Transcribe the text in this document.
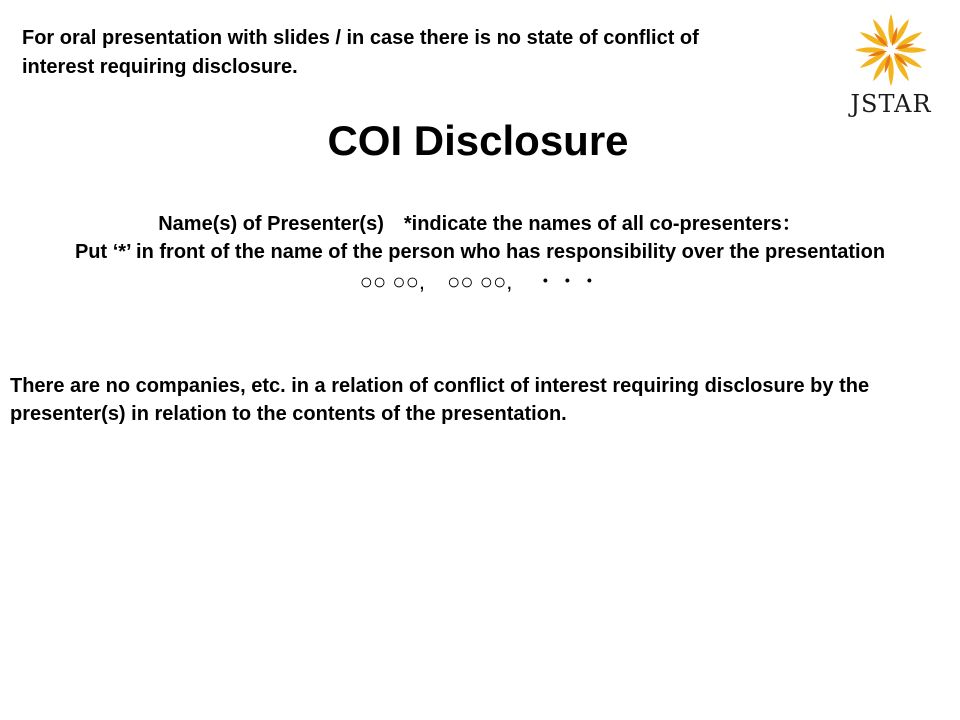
For oral presentation with slides / in case there is no state of conflict of interest requiring disclosure.
JSTAR
COI Disclosure
Name(s) of Presenter(s)　*indicate the names of all co-presenters：
Put ‘*’ in front of the name of the person who has responsibility over the presentation
○○ ○○,　○○ ○○,　・・・
There are no companies, etc. in a relation of conflict of interest requiring disclosure by the presenter(s) in relation to the contents of the presentation.
